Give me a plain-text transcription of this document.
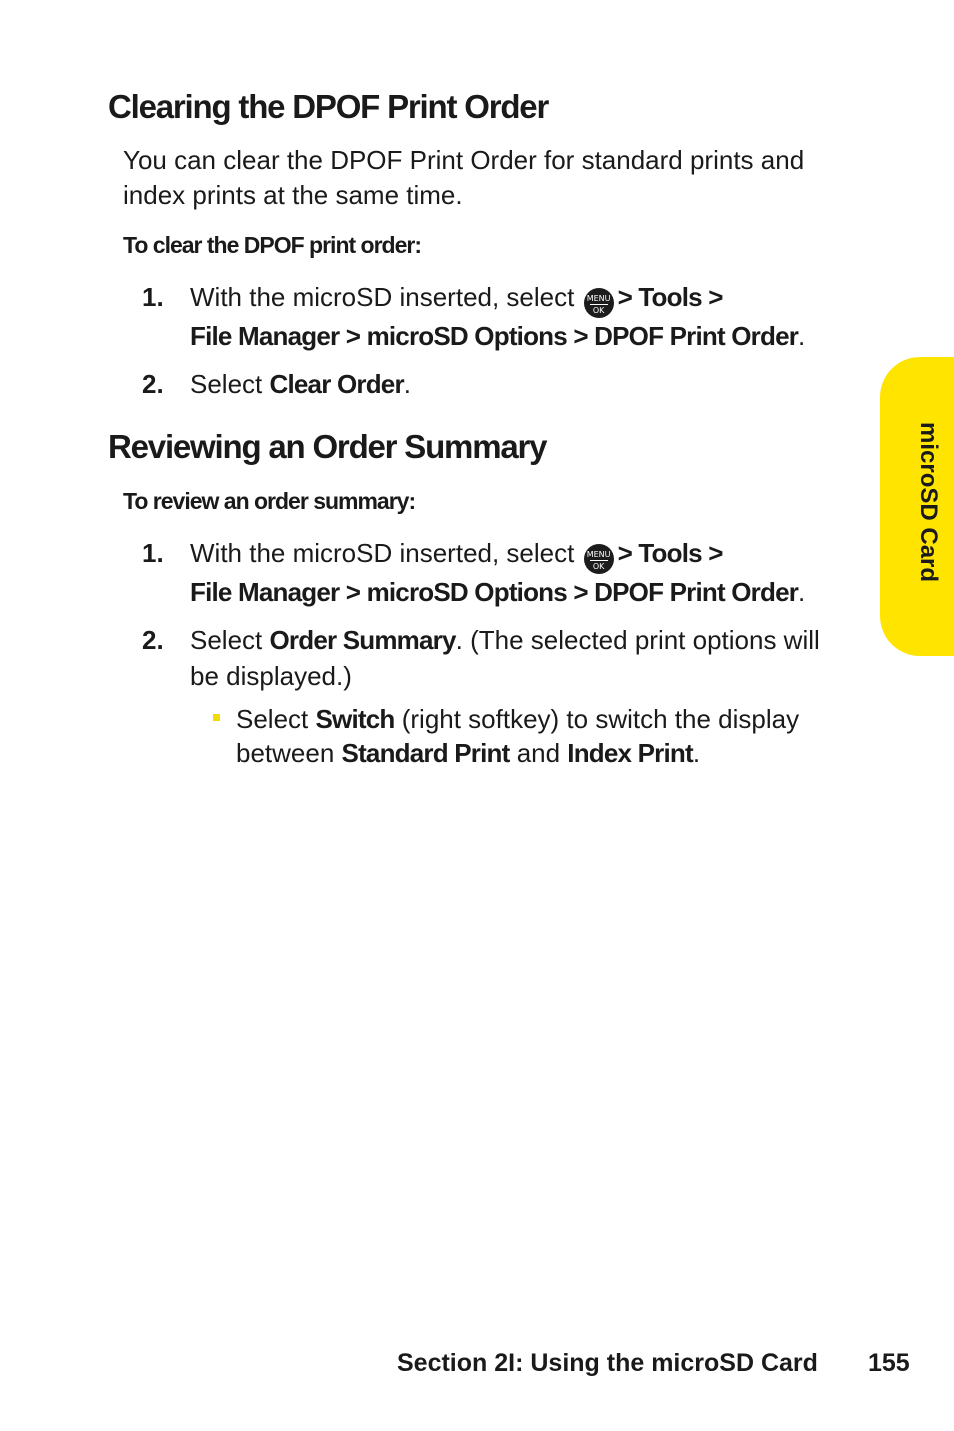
Clearing the DPOF Print Order

You can clear the DPOF Print Order for standard prints and index prints at the same time.

To clear the DPOF print order:
1. With the microSD inserted, select	MENU
OK > Tools >
File Manager > microSD Options > DPOF Print Order.
2. Select Clear Order.
Reviewing an Order Summary
To review an order summary:
1. With the microSD inserted, select	MENU
OK > Tools >
File Manager > microSD Options > DPOF Print Order.
2. Select Order Summary. (The selected print options will be displayed.)
Select Switch (right softkey) to switch the display between Standard Print and Index Print.
microSD Card
Section 2I: Using the microSD Card 155
